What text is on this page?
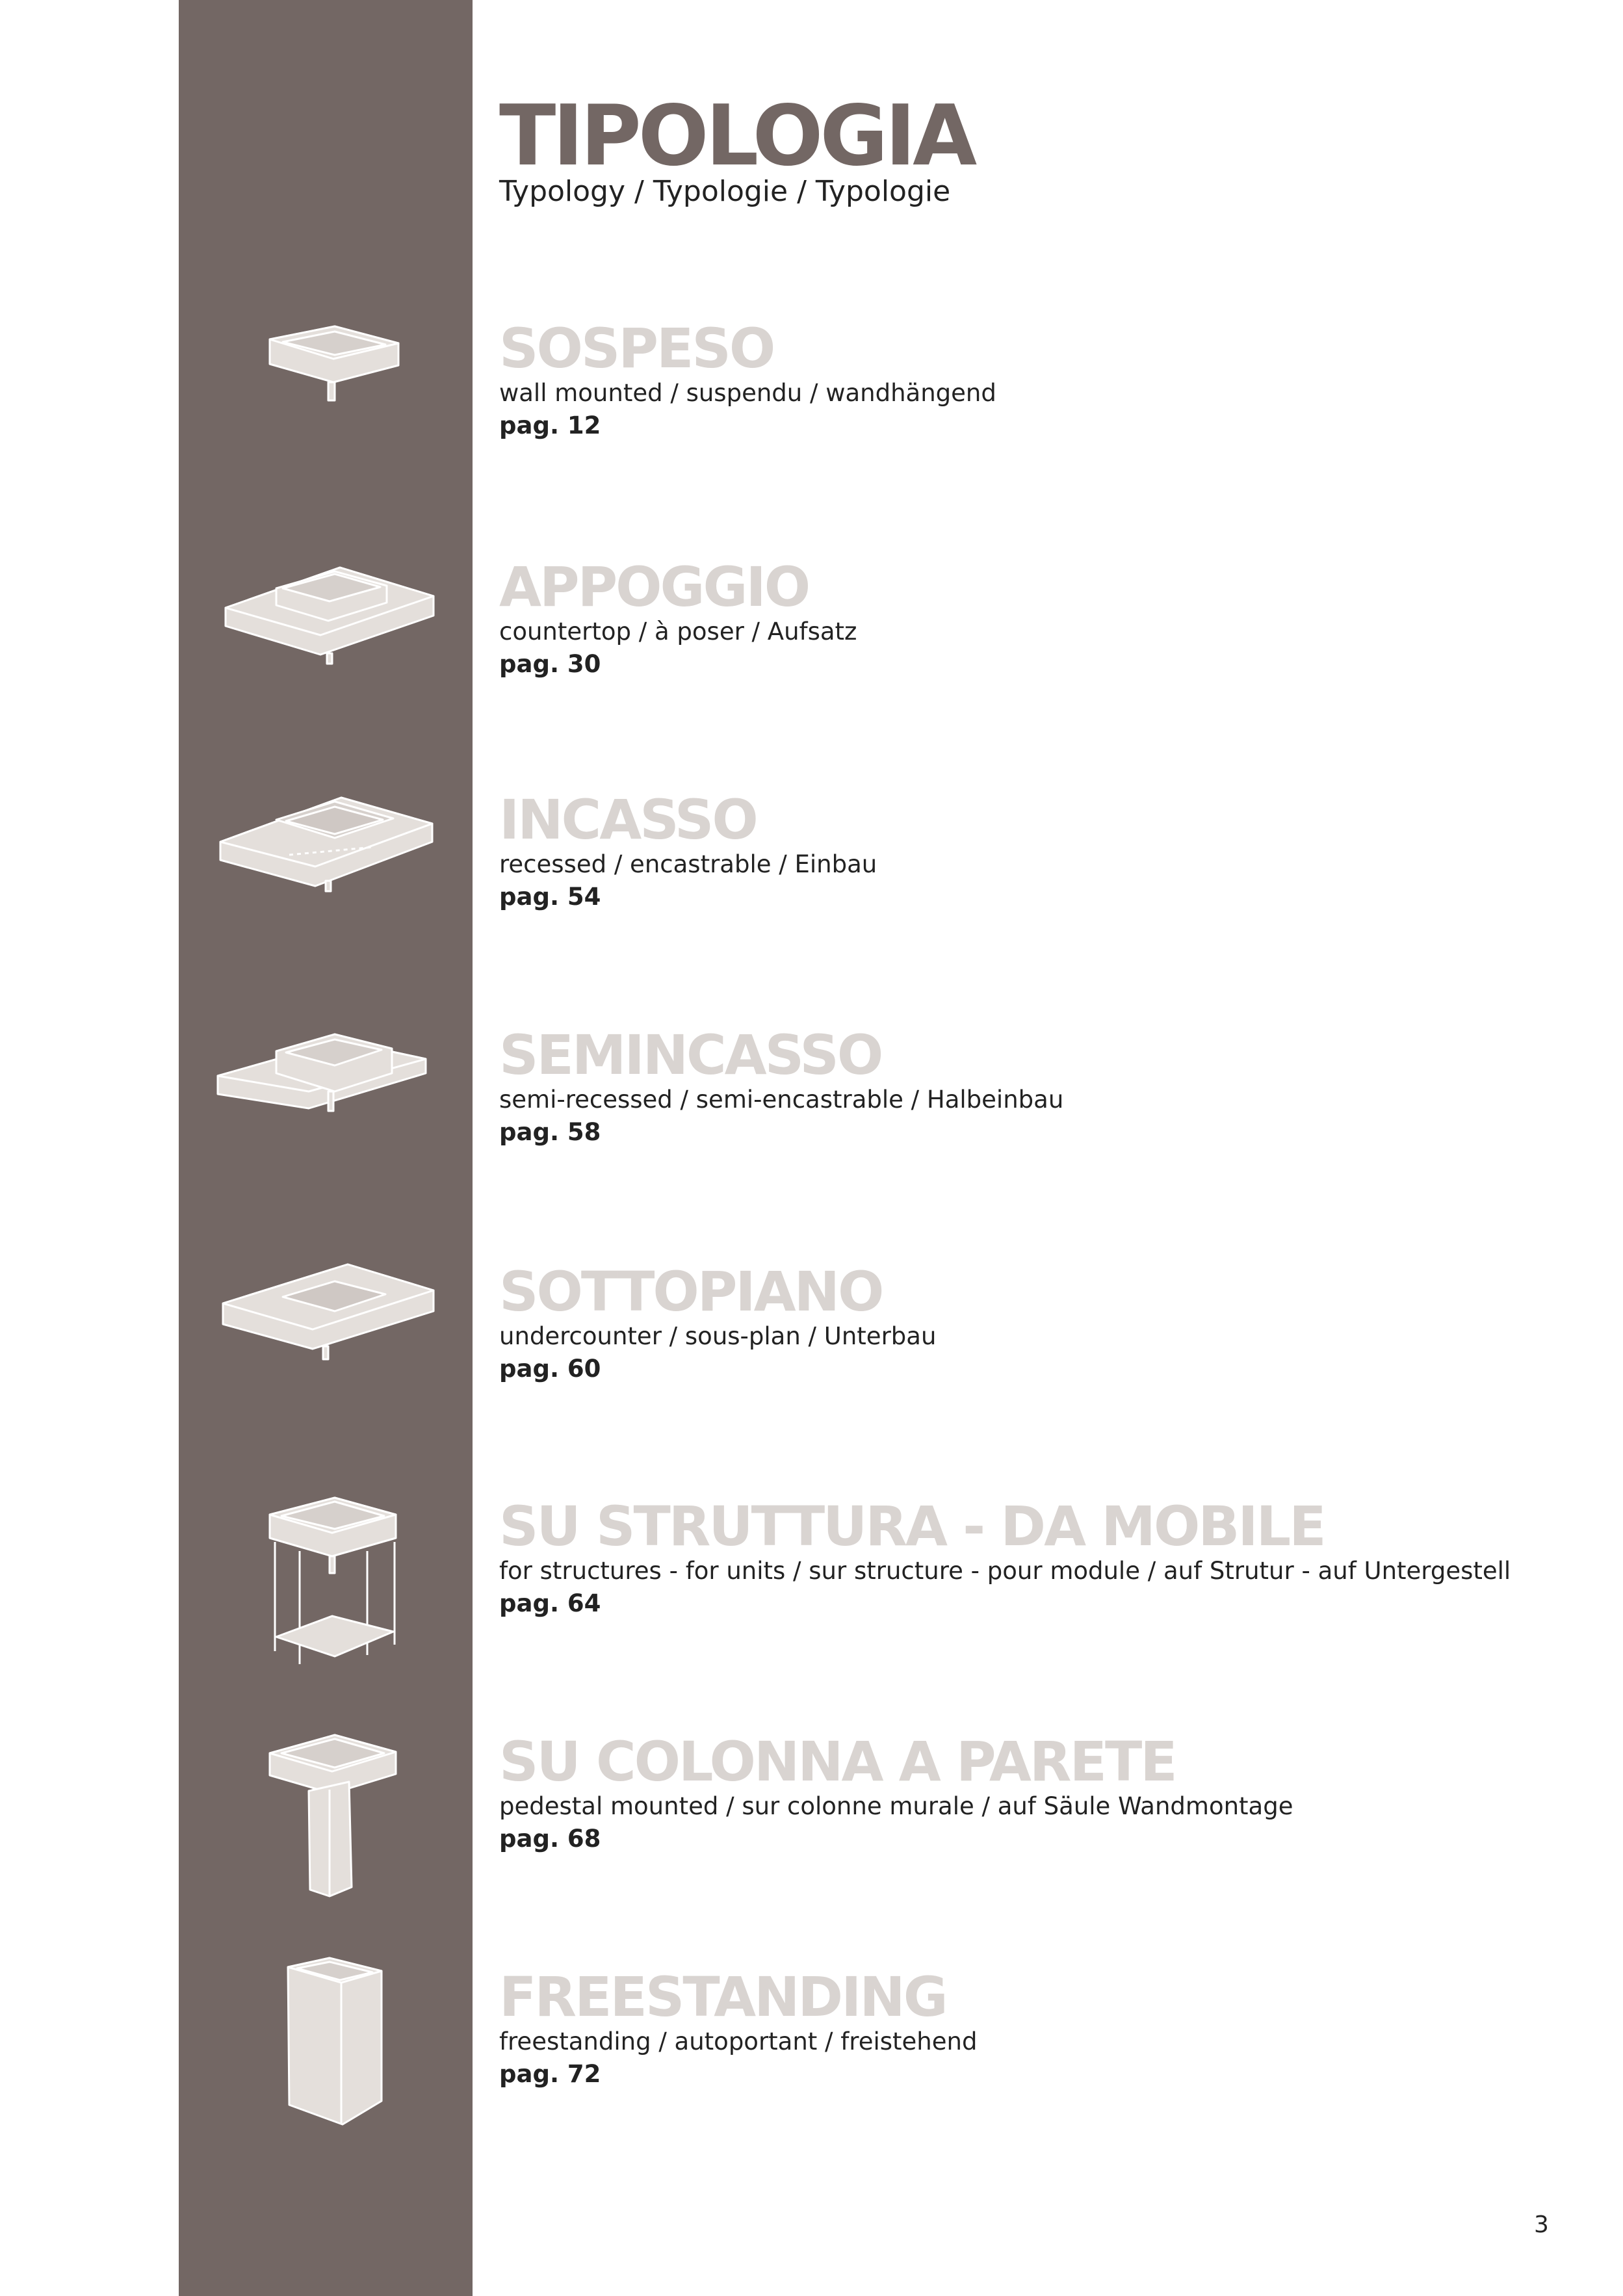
TIPOLOGIA
Typology / Typologie / Typologie
SOSPESO
wall mounted / suspendu / wandhängend
pag. 12
APPOGGIO
countertop / à poser / Aufsatz
pag. 30
INCASSO
recessed / encastrable / Einbau
pag. 54
SEMINCASSO
semi-recessed / semi-encastrable / Halbeinbau
pag. 58
SOTTOPIANO
undercounter / sous-plan / Unterbau
pag. 60
SU STRUTTURA - DA MOBILE
for structures - for units / sur structure - pour module / auf Strutur - auf Untergestell
pag. 64
SU COLONNA A PARETE
pedestal mounted / sur colonne murale / auf Säule Wandmontage
pag. 68
FREESTANDING
freestanding / autoportant / freistehend
pag. 72
3
